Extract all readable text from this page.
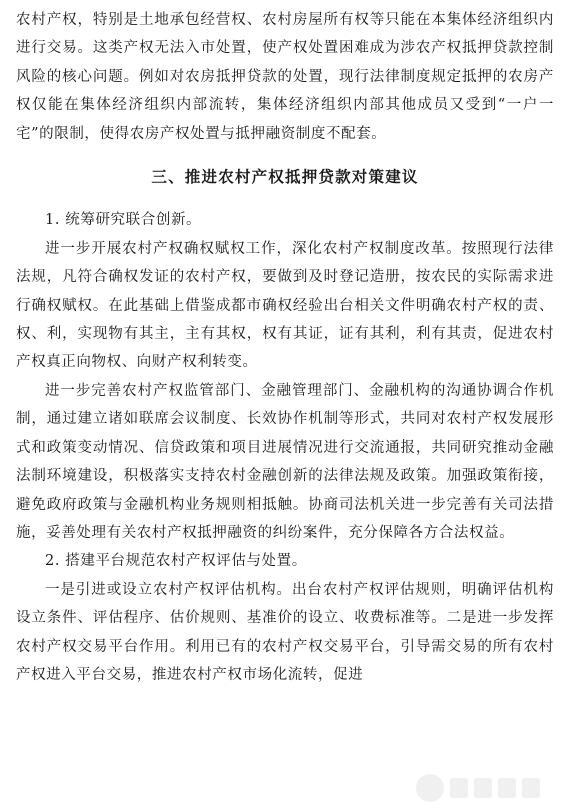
农村产权，特别是土地承包经营权、农村房屋所有权等只能在本集体经济组织内进行交易。这类产权无法入市处置，使产权处置困难成为涉农产权抵押贷款控制风险的核心问题。例如对农房抵押贷款的处置，现行法律制度规定抵押的农房产权仅能在集体经济组织内部流转，集体经济组织内部其他成员又受到“一户一宅”的限制，使得农房产权处置与抵押融资制度不配套。

三、推进农村产权抵押贷款对策建议

1. 统筹研究联合创新。

进一步开展农村产权确权赋权工作，深化农村产权制度改革。按照现行法律法规，凡符合确权发证的农村产权，要做到及时登记造册，按农民的实际需求进行确权赋权。在此基础上借鉴成都市确权经验出台相关文件明确农村产权的责、权、利，实现物有其主，主有其权，权有其证，证有其利，利有其责，促进农村产权真正向物权、向财产权利转变。

进一步完善农村产权监管部门、金融管理部门、金融机构的沟通协调合作机制，通过建立诸如联席会议制度、长效协作机制等形式，共同对农村产权发展形式和政策变动情况、信贷政策和项目进展情况进行交流通报，共同研究推动金融法制环境建设，积极落实支持农村金融创新的法律法规及政策。加强政策衔接，避免政府政策与金融机构业务规则相抵触。协商司法机关进一步完善有关司法措施，妥善处理有关农村产权抵押融资的纠纷案件，充分保障各方合法权益。

2. 搭建平台规范农村产权评估与处置。

一是引进或设立农村产权评估机构。出台农村产权评估规则，明确评估机构设立条件、评估程序、估价规则、基准价的设立、收费标准等。二是进一步发挥农村产权交易平台作用。利用已有的农村产权交易平台，引导需交易的所有农村产权进入平台交易，推进农村产权市场化流转，促进
